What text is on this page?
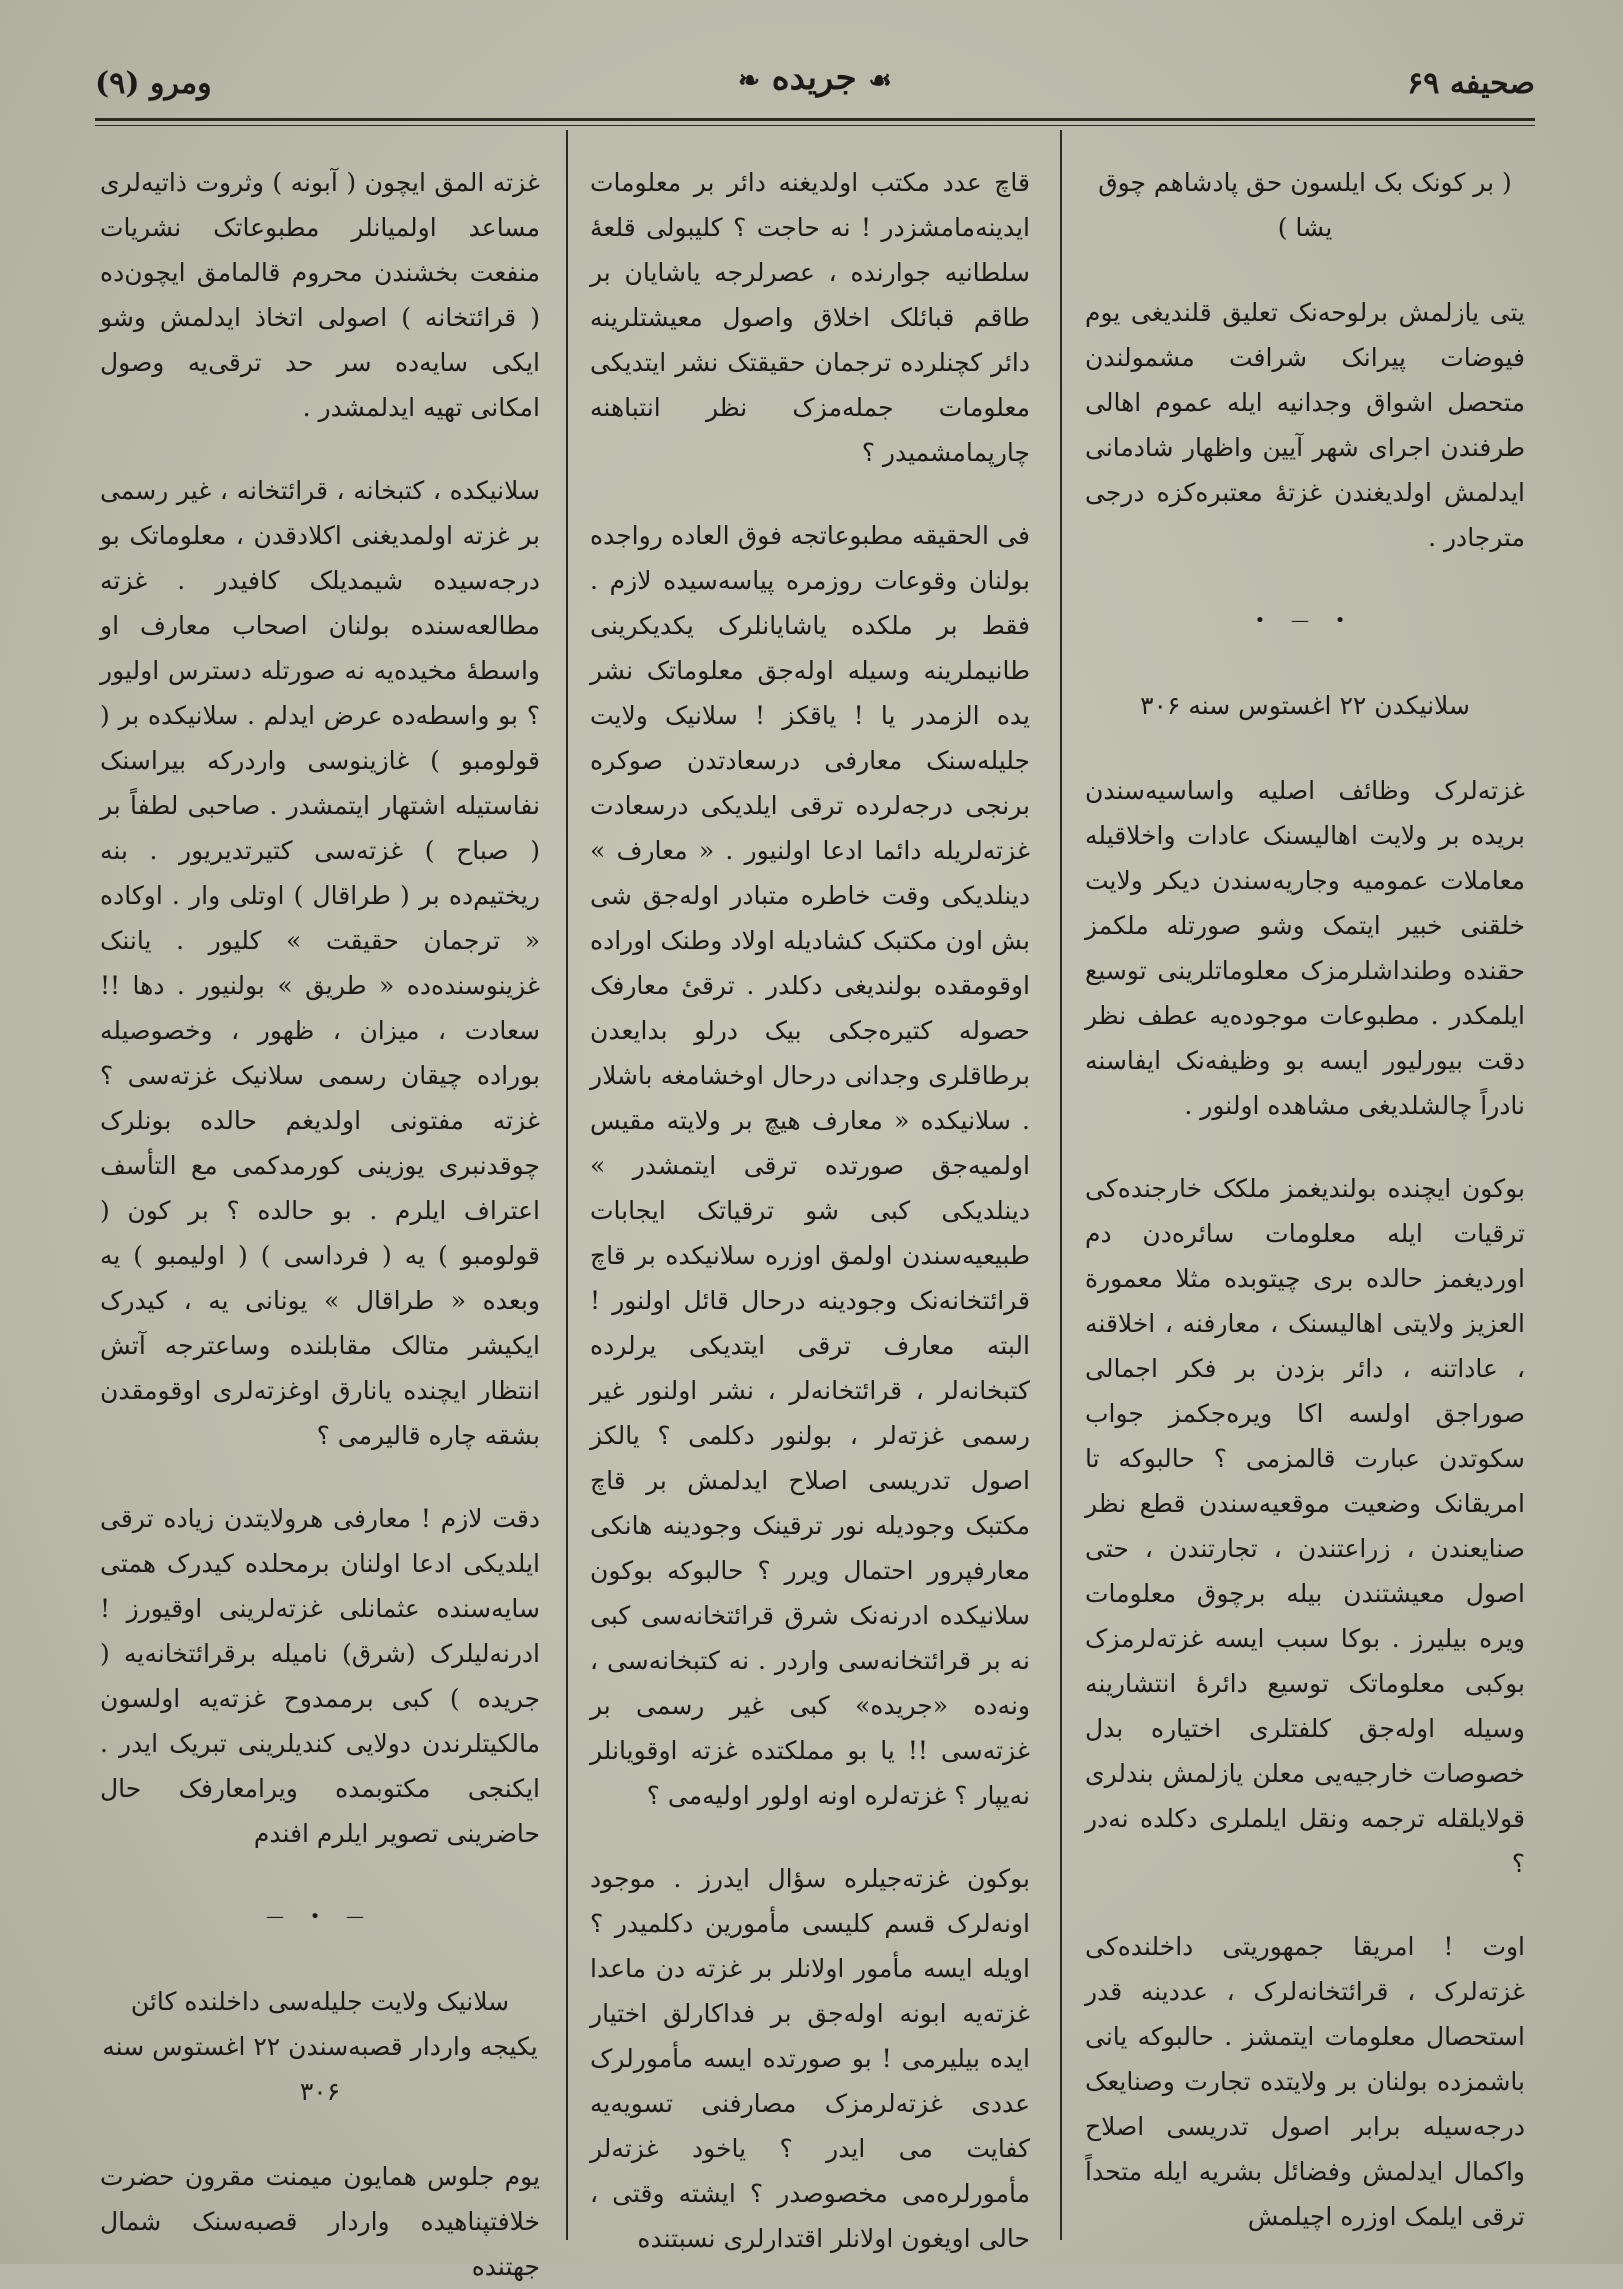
صحیفه ۶۹
☙ جریده ❧
ومرو (۹)

( بر کونک بک ایلسون حق پادشاهم چوق یشا )

یتی یازلمش برلوحه‌نک تعلیق قلندیغی یوم فیوضات پیرانک شرافت مشمولندن متحصل اشواق وجدانیه ایله عموم اهالی طرفندن اجرای شهر آیین واظهار شادمانی ایدلمش اولدیغندن غزته‌ٔ معتبره‌کزه درجی مترجادر .

• — •

سلانیکدن ۲۲ اغستوس سنه ۳۰۶

غزته‌لرک وظائف اصلیه واساسیه‌سندن بریده بر ولایت اهالیسنک عادات واخلاقیله معاملات عمومیه وجاریه‌سندن دیکر ولایت خلقنی خبیر ایتمک وشو صورتله ملکمز حقنده وطنداشلرمزک معلوماتلرینی توسیع ایلمکدر . مطبوعات موجوده‌یه عطف نظر دقت بیورلیور ایسه بو وظیفه‌نک ایفاسنه نادراً چالشلدیغی مشاهده اولنور .

بوکون ایچنده بولندیغمز ملکک خارجنده‌کی ترقیات ایله معلومات سائره‌دن دم اوردیغمز حالده بری چیتوبده مثلا معمورة العزیز ولایتی اهالیسنک ، معارفنه ، اخلاقنه ، عاداتنه ، دائر بزدن بر فکر اجمالی صوراجق اولسه اکا ویره‌جکمز جواب سکوتدن عبارت قالمزمی ؟ حالبوکه تا امریقانک وضعیت موقعیه‌سندن قطع نظر صنایعندن ، زراعتندن ، تجارتندن ، حتی اصول معیشتندن بیله برچوق معلومات ویره بیلیرز . بوکا سبب ایسه غزته‌لرمزک بوکبی معلوماتک توسیع دائرهٔ انتشارینه وسیله اوله‌جق کلفتلری اختیاره بدل خصوصات خارجیه‌یی معلن یازلمش بندلری قولایلقله ترجمه ونقل ایلملری دکلده نه‌در ؟

اوت ! امریقا جمهوریتی داخلنده‌کی غزته‌لرک ، قرائتخانه‌لرک ، عددینه قدر استحصال معلومات ایتمشز . حالبوکه یانی باشمزده بولنان بر ولایتده تجارت وصنایعک درجه‌سیله برابر اصول تدریسی اصلاح واکمال ایدلمش وفضائل بشریه ایله متحداً ترقی ایلمک اوزره اچیلمش

قاچ عدد مکتب اولدیغنه دائر بر معلومات ایدینه‌مامشزدر ! نه حاجت ؟ کلیبولی قلعهٔ سلطانیه جوارنده ، عصرلرجه یاشایان بر طاقم قبائلک اخلاق واصول معیشتلرینه دائر کچنلرده ترجمان حقیقتک نشر ایتدیکی معلومات جمله‌مزک نظر انتباهنه چارپمامشمیدر ؟

فی الحقیقه مطبوعاتجه فوق العاده رواجده بولنان وقوعات روزمره پیاسه‌سیده لازم . فقط بر ملکده یاشایانلرک یکدیکرینی طانیملرینه وسیله اوله‌جق معلوماتک نشر یده الزمدر یا ! یاقکز ! سلانیک ولایت جلیله‌سنک معارفی درسعادتدن صوکره برنجی درجه‌لرده ترقی ایلدیکی درسعادت غزته‌لریله دائما ادعا اولنیور . « معارف » دینلدیکی وقت خاطره متبادر اوله‌جق شی بش اون مکتبک کشادیله اولاد وطنک اوراده اوقومقده بولندیغی دکلدر . ترقیٔ معارفک حصوله کتیره‌جکی بیک درلو بدایعدن برطاقلری وجدانی درحال اوخشامغه باشلار . سلانیکده « معارف هیچ بر ولایته مقیس اولمیه‌جق صورتده ترقی ایتمشدر » دینلدیکی کبی شو ترقیاتک ایجابات طبیعیه‌سندن اولمق اوزره سلانیکده بر قاچ قرائتخانه‌نک وجودینه درحال قائل اولنور ! البته معارف ترقی ایتدیکی یرلرده کتبخانه‌لر ، قرائتخانه‌لر ، نشر اولنور غیر رسمی غزته‌لر ، بولنور دکلمی ؟ یالکز اصول تدریسی اصلاح ایدلمش بر قاچ مکتبک وجودیله نور ترقینک وجودینه هانکی معارفپرور احتمال ویرر ؟ حالبوکه بوکون سلانیکده ادرنه‌نک شرق قرائتخانه‌سی کبی نه بر قرائتخانه‌سی واردر . نه کتبخانه‌سی ، ونه‌ده «جریده» کبی غیر رسمی بر غزته‌سی !! یا بو مملکتده غزته اوقویانلر نه‌یپار ؟ غزته‌لره اونه اولور اولیه‌می ؟

بوکون غزته‌جیلره سؤال ایدرز . موجود اونه‌لرک قسم کلیسی مأمورین دکلمیدر ؟ اویله ایسه مأمور اولانلر بر غزته دن ماعدا غزته‌یه ابونه اوله‌جق بر فداکارلق اختیار ایده بیلیرمی ! بو صورتده ایسه مأمورلرک عددی غزته‌لرمزک مصارفنی تسویه‌یه کفایت می ایدر ؟ یاخود غزته‌لر مأمورلره‌می مخصوصدر ؟ ایشته وقتی ، حالی اویغون اولانلر اقتدارلری نسبتنده

غزته المق ایچون ( آبونه ) وثروت ذاتیه‌لری مساعد اولمیانلر مطبوعاتک نشریات منفعت بخشندن محروم قالمامق ایچون‌ده ( قرائتخانه ) اصولی اتخاذ ایدلمش وشو ایکی سایه‌ده سر حد ترقی‌یه وصول امکانی تهیه ایدلمشدر .

سلانیکده ، کتبخانه ، قرائتخانه ، غیر رسمی بر غزته اولمدیغنی اکلادقدن ، معلوماتک بو درجه‌سیده شیمدیلک کافیدر . غزته مطالعه‌سنده بولنان اصحاب معارف او واسطهٔ مخیده‌یه نه صورتله دسترس اولیور ؟ بو واسطه‌ده عرض ایدلم . سلانیکده بر ( قولومبو ) غازینوسی واردرکه بیراسنک نفاستیله اشتهار ایتمشدر . صاحبی لطفاً بر ( صباح ) غزته‌سی کتیرتدیریور . بنه ریختیم‌ده بر ( طراقال ) اوتلی وار . اوکاده « ترجمان حقیقت » کلیور . یاننک غزینوسنده‌ده « طریق » بولنیور . دها !! سعادت ، میزان ، ظهور ، وخصوصیله بوراده چیقان رسمی سلانیک غزته‌سی ؟ غزته مفتونی اولدیغم حالده بونلرک چوقدنبری یوزینی کورمدکمی مع التأسف اعتراف ایلرم . بو حالده ؟ بر کون ( قولومبو ) یه ( فرداسی ) ( اولیمبو ) یه وبعده « طراقال » یونانی یه ، کیدرک ایکیشر متالک مقابلنده وساعترجه آتش انتظار ایچنده یانارق اوغزته‌لری اوقومقدن بشقه چاره قالیرمی ؟

دقت لازم ! معارفی هرولایتدن زیاده ترقی ایلدیکی ادعا اولنان برمحلده کیدرک همتی سایه‌سنده عثمانلی غزته‌لرینی اوقیورز ! ادرنه‌لیلرک (شرق) نامیله برقرائتخانه‌یه ( جریده ) کبی برممدوح غزته‌یه اولسون مالکیتلرندن دولایی کندیلرینی تبریک ایدر . ایکنجی مکتوبمده ویرامعارفک حال حاضرینی تصویر ایلرم افندم

— • —

سلانیک ولایت جلیله‌سی داخلنده کائن یکیجه واردار قصبه‌سندن ۲۲ اغستوس سنه ۳۰۶

یوم جلوس همایون میمنت مقرون حضرت خلافتپناهیده واردار قصبه‌سنک شمال جهتنده
